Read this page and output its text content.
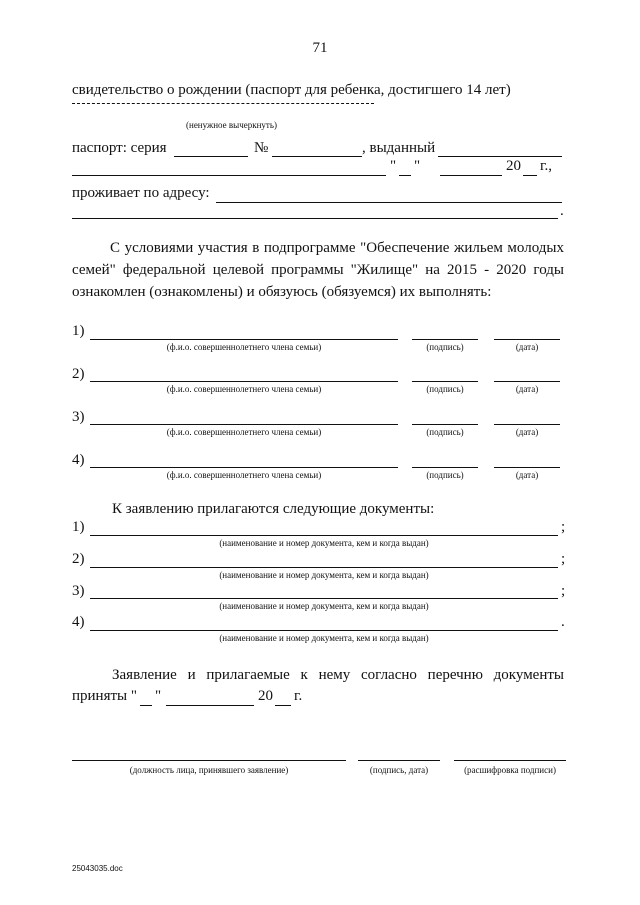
71
свидетельство о рождении (паспорт для ребенка, достигшего 14 лет)
(ненужное вычеркнуть)
паспорт: серия	№	, выданный
" "	20 г.,
проживает по адресу:
.
С условиями участия в подпрограмме "Обеспечение жильем молодых семей" федеральной целевой программы "Жилище" на 2015 - 2020 годы ознакомлен (ознакомлены) и обязуюсь (обязуемся) их выполнять:
1)
(ф.и.о. совершеннолетнего члена семьи)	(подпись)	(дата)
2)
(ф.и.о. совершеннолетнего члена семьи)	(подпись)	(дата)
3)
(ф.и.о. совершеннолетнего члена семьи)	(подпись)	(дата)
4)
(ф.и.о. совершеннолетнего члена семьи)	(подпись)	(дата)
К заявлению прилагаются следующие документы:
1)	;
(наименование и номер документа, кем и когда выдан)
2)	;
(наименование и номер документа, кем и когда выдан)
3)	;
(наименование и номер документа, кем и когда выдан)
4)	.
(наименование и номер документа, кем и когда выдан)
Заявление и прилагаемые к нему согласно перечню документы
приняты " "	20 г.
(должность лица, принявшего заявление)	(подпись, дата)	(расшифровка подписи)
25043035.doc
